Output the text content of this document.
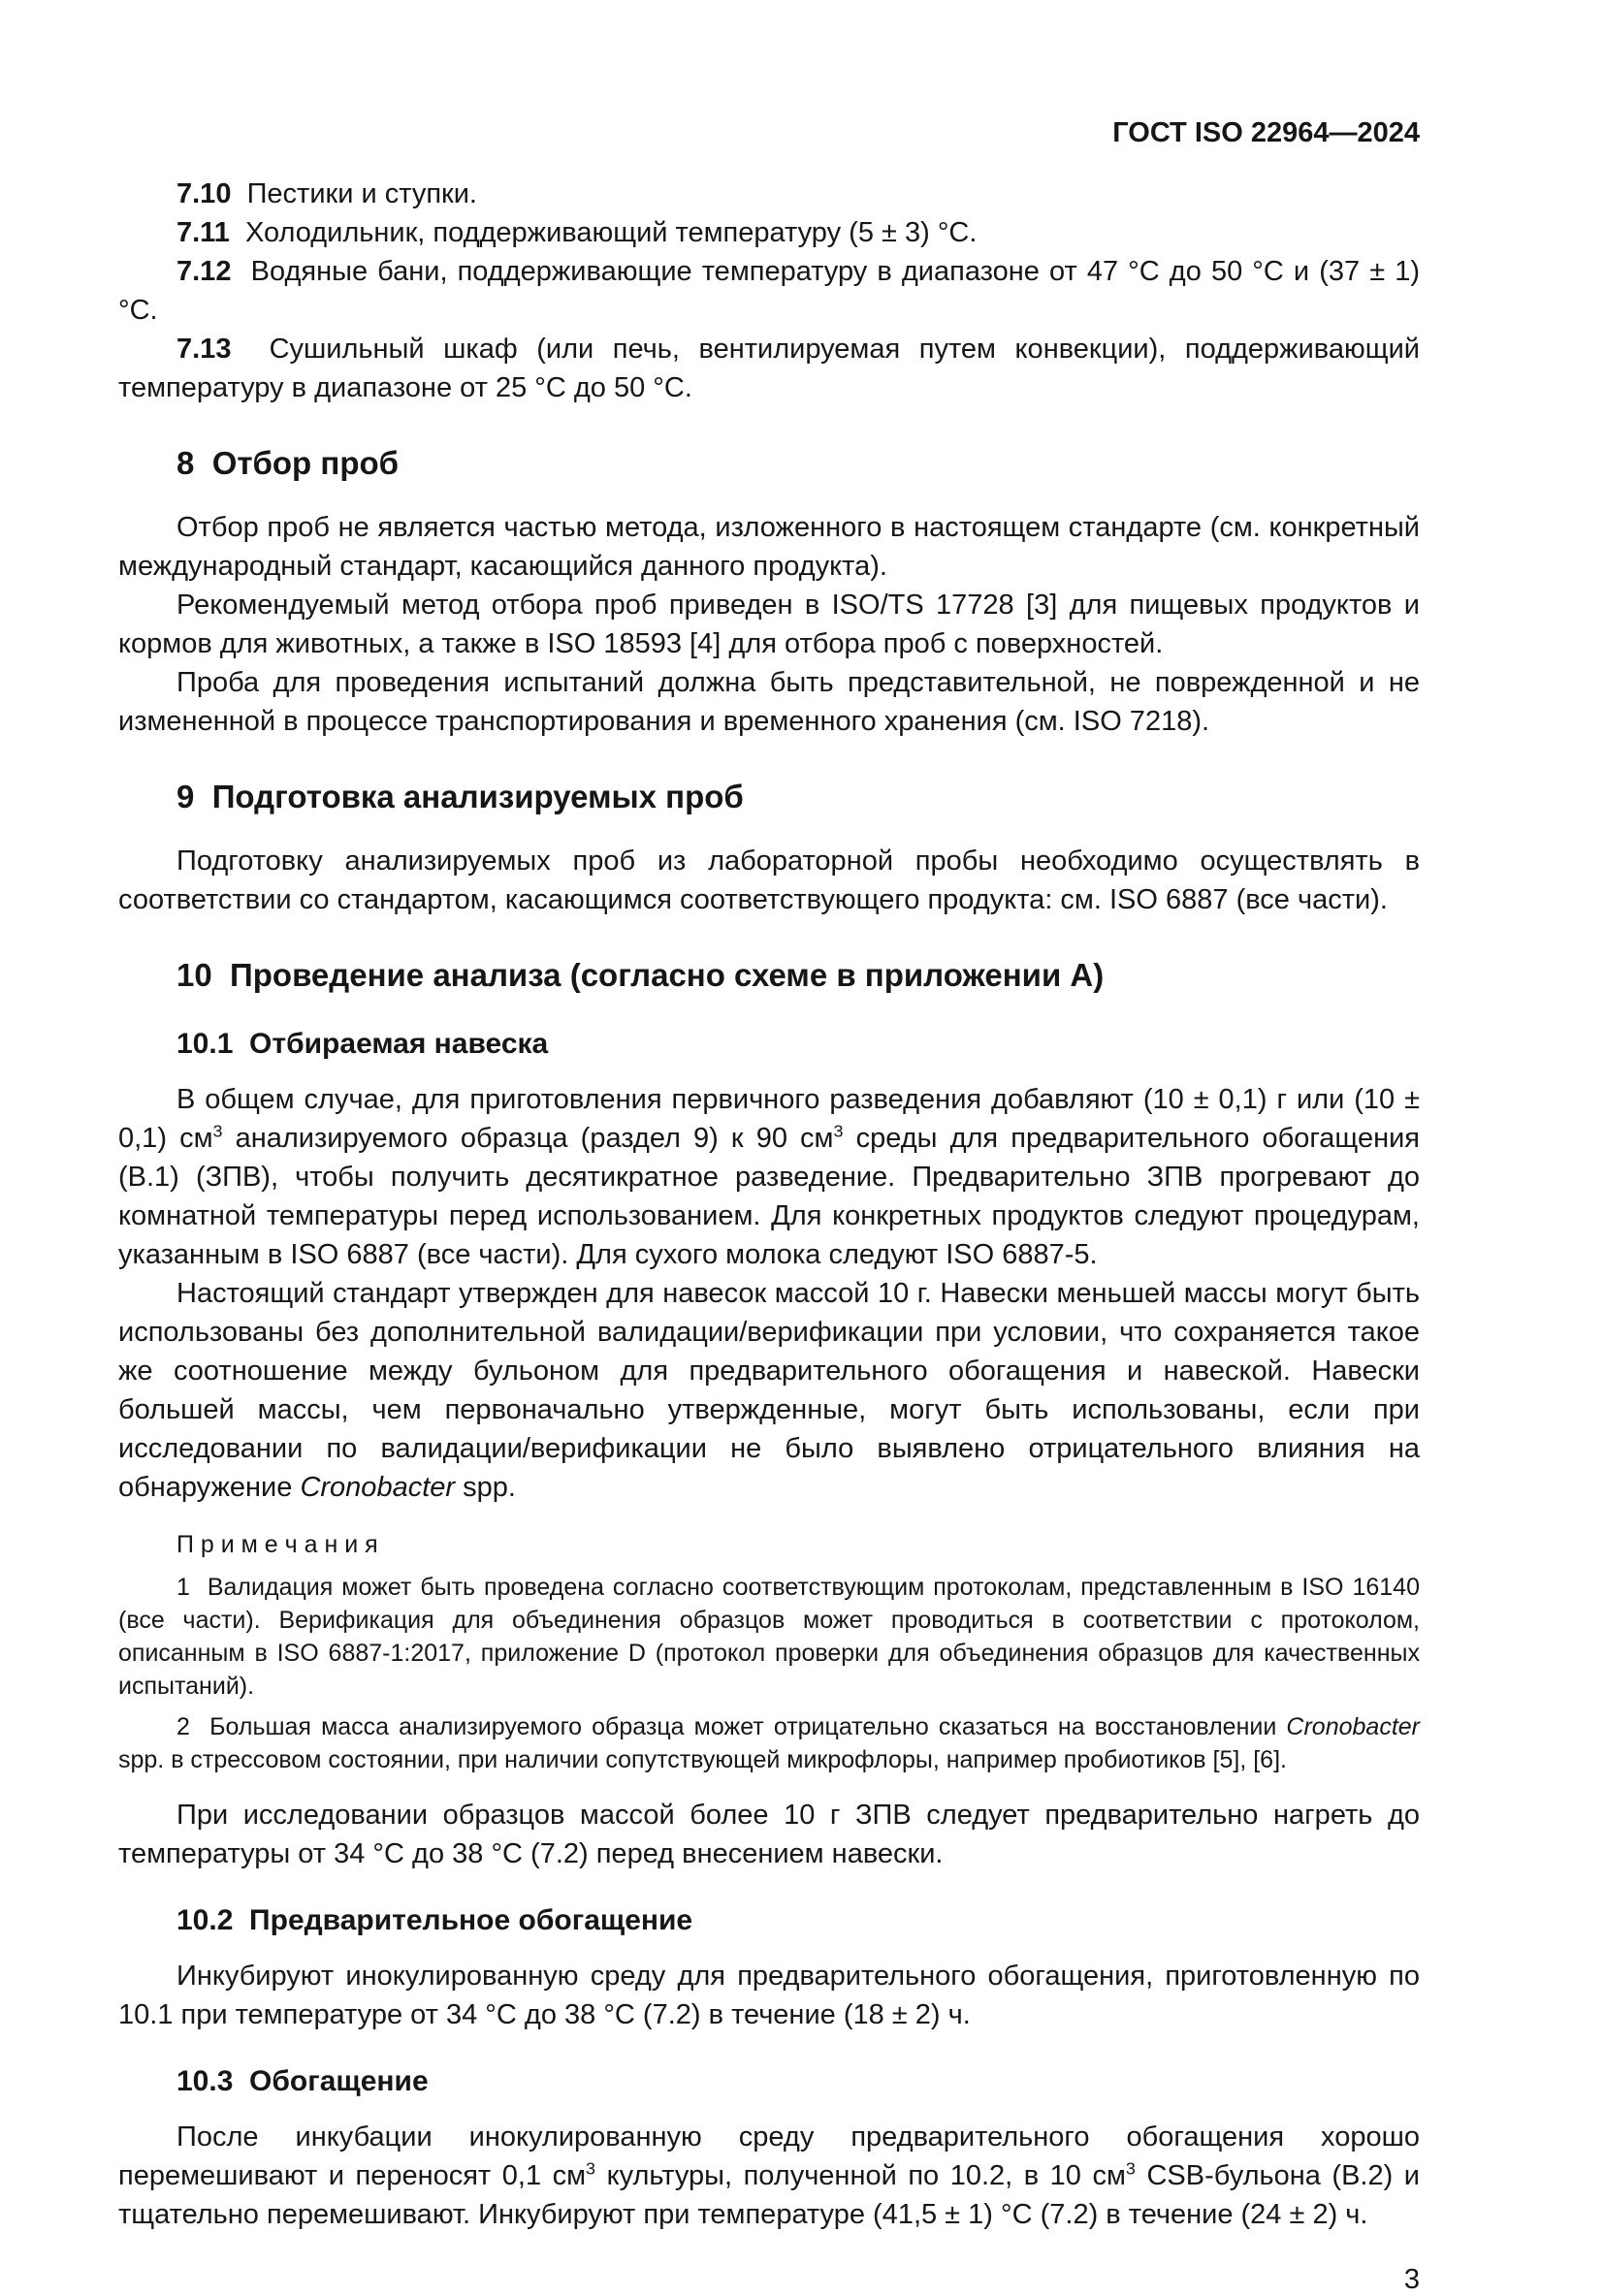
ГОСТ ISO 22964—2024

7.10  Пестики и ступки.

7.11  Холодильник, поддерживающий температуру (5 ± 3) °С.

7.12  Водяные бани, поддерживающие температуру в диапазоне от 47 °С до 50 °С и (37 ± 1) °С.

7.13  Сушильный шкаф (или печь, вентилируемая путем конвекции), поддерживающий температуру в диапазоне от 25 °С до 50 °С.

8  Отбор проб

Отбор проб не является частью метода, изложенного в настоящем стандарте (см. конкретный международный стандарт, касающийся данного продукта).

Рекомендуемый метод отбора проб приведен в ISO/TS 17728 [3] для пищевых продуктов и кормов для животных, а также в ISO 18593 [4] для отбора проб с поверхностей.

Проба для проведения испытаний должна быть представительной, не поврежденной и не измененной в процессе транспортирования и временного хранения (см. ISO 7218).

9  Подготовка анализируемых проб

Подготовку анализируемых проб из лабораторной пробы необходимо осуществлять в соответствии со стандартом, касающимся соответствующего продукта: см. ISO 6887 (все части).

10  Проведение анализа (согласно схеме в приложении А)
10.1  Отбираемая навеска

В общем случае, для приготовления первичного разведения добавляют (10 ± 0,1) г или (10 ± 0,1) $см^3$ анализируемого образца (раздел 9) к 90 $см^3$ среды для предварительного обогащения (В.1) (ЗПВ), чтобы получить десятикратное разведение. Предварительно ЗПВ прогревают до комнатной температуры перед использованием. Для конкретных продуктов следуют процедурам, указанным в ISO 6887 (все части). Для сухого молока следуют ISO 6887-5.

Настоящий стандарт утвержден для навесок массой 10 г. Навески меньшей массы могут быть использованы без дополнительной валидации/верификации при условии, что сохраняется такое же соотношение между бульоном для предварительного обогащения и навеской. Навески большей массы, чем первоначально утвержденные, могут быть использованы, если при исследовании по валидации/верификации не было выявлено отрицательного влияния на обнаружение Cronobacter spp.

П р и м е ч а н и я

1  Валидация может быть проведена согласно соответствующим протоколам, представленным в ISO 16140 (все части). Верификация для объединения образцов может проводиться в соответствии с протоколом, описанным в ISO 6887-1:2017, приложение D (протокол проверки для объединения образцов для качественных испытаний).

2  Большая масса анализируемого образца может отрицательно сказаться на восстановлении Cronobacter spp. в стрессовом состоянии, при наличии сопутствующей микрофлоры, например пробиотиков [5], [6].

При исследовании образцов массой более 10 г ЗПВ следует предварительно нагреть до температуры от 34 °С до 38 °С (7.2) перед внесением навески.

10.2  Предварительное обогащение

Инкубируют инокулированную среду для предварительного обогащения, приготовленную по 10.1 при температуре от 34 °С до 38 °С (7.2) в течение (18 ± 2) ч.

10.3  Обогащение

После инкубации инокулированную среду предварительного обогащения хорошо перемешивают и переносят 0,1 $см^3$ культуры, полученной по 10.2, в 10 $см^3$ CSB-бульона (В.2) и тщательно перемешивают. Инкубируют при температуре (41,5 ± 1) °С (7.2) в течение (24 ± 2) ч.

3
